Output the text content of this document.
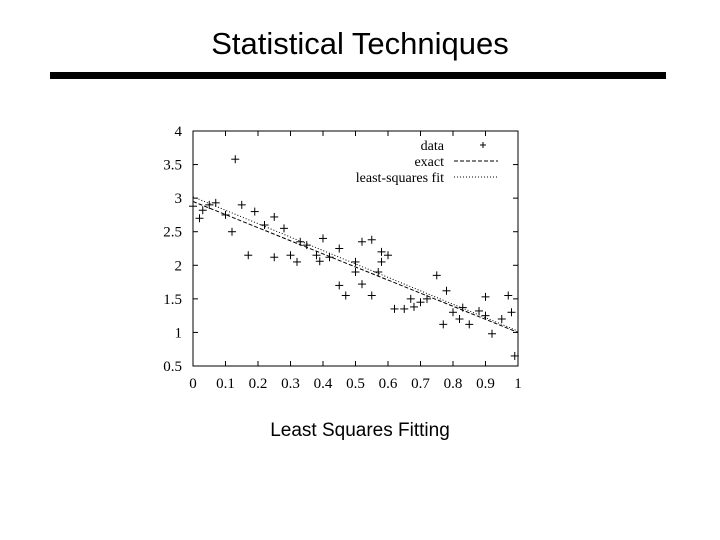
Statistical Techniques
0 0.1 0.2 0.3 0.4 0.5 0.6 0.7 0.8 0.9 1
0.5
1
1.5
2
2.5
3
3.5
4
data
exact
least-squares fit
Least Squares Fitting
